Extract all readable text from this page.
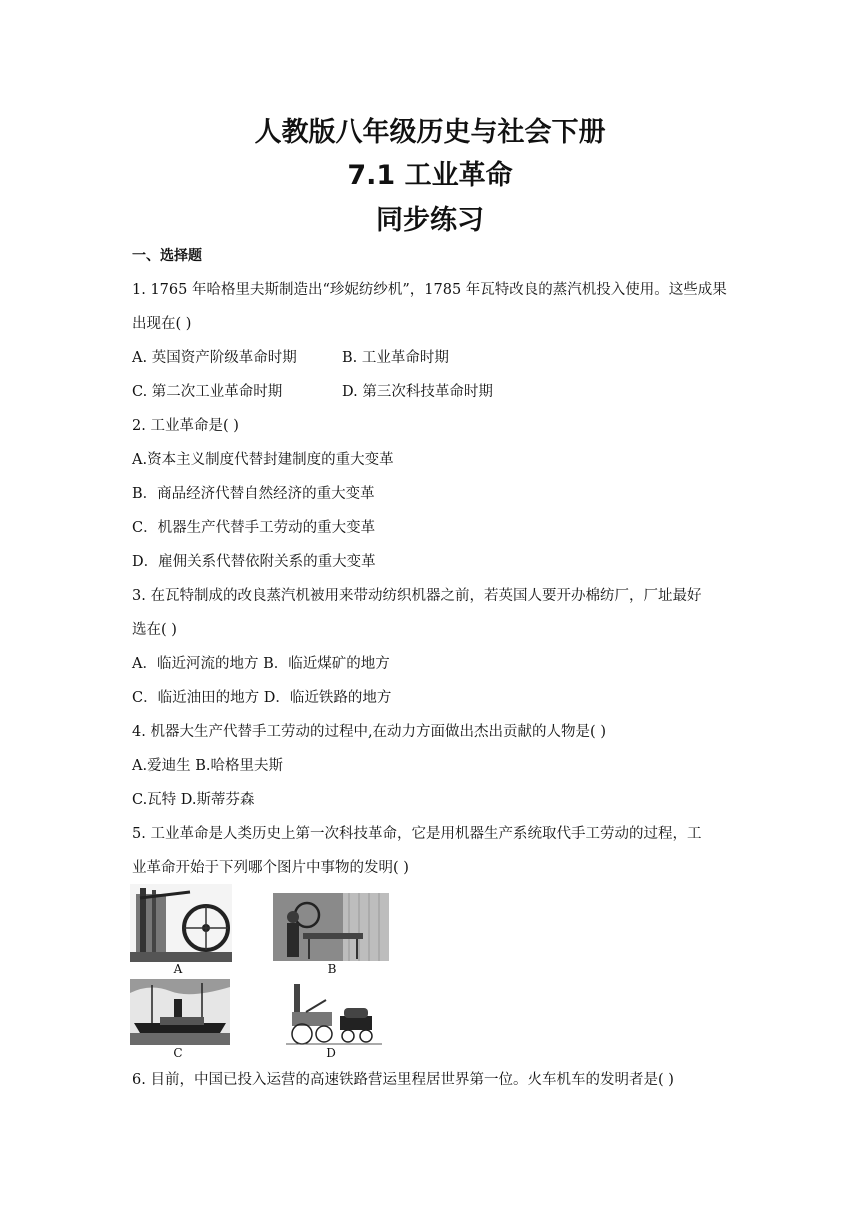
人教版八年级历史与社会下册
7.1 工业革命
同步练习
一、选择题
1. 1765 年哈格里夫斯制造出“珍妮纺纱机”，1785 年瓦特改良的蒸汽机投入使用。这些成果
出现在( )
A. 英国资产阶级革命时期	B. 工业革命时期
C. 第二次工业革命时期	D. 第三次科技革命时期
2. 工业革命是( )
A.资本主义制度代替封建制度的重大变革
B．商品经济代替自然经济的重大变革
C．机器生产代替手工劳动的重大变革
D．雇佣关系代替依附关系的重大变革
3. 在瓦特制成的改良蒸汽机被用来带动纺织机器之前，若英国人要开办棉纺厂，厂址最好
选在( )
A．临近河流的地方 B．临近煤矿的地方
C．临近油田的地方 D．临近铁路的地方
4. 机器大生产代替手工劳动的过程中,在动力方面做出杰出贡献的人物是( )
A.爱迪生 B.哈格里夫斯
C.瓦特 D.斯蒂芬森
5. 工业革命是人类历史上第一次科技革命，它是用机器生产系统取代手工劳动的过程，工
业革命开始于下列哪个图片中事物的发明( )
A	B
C	D
6. 目前，中国已投入运营的高速铁路营运里程居世界第一位。火车机车的发明者是( )
